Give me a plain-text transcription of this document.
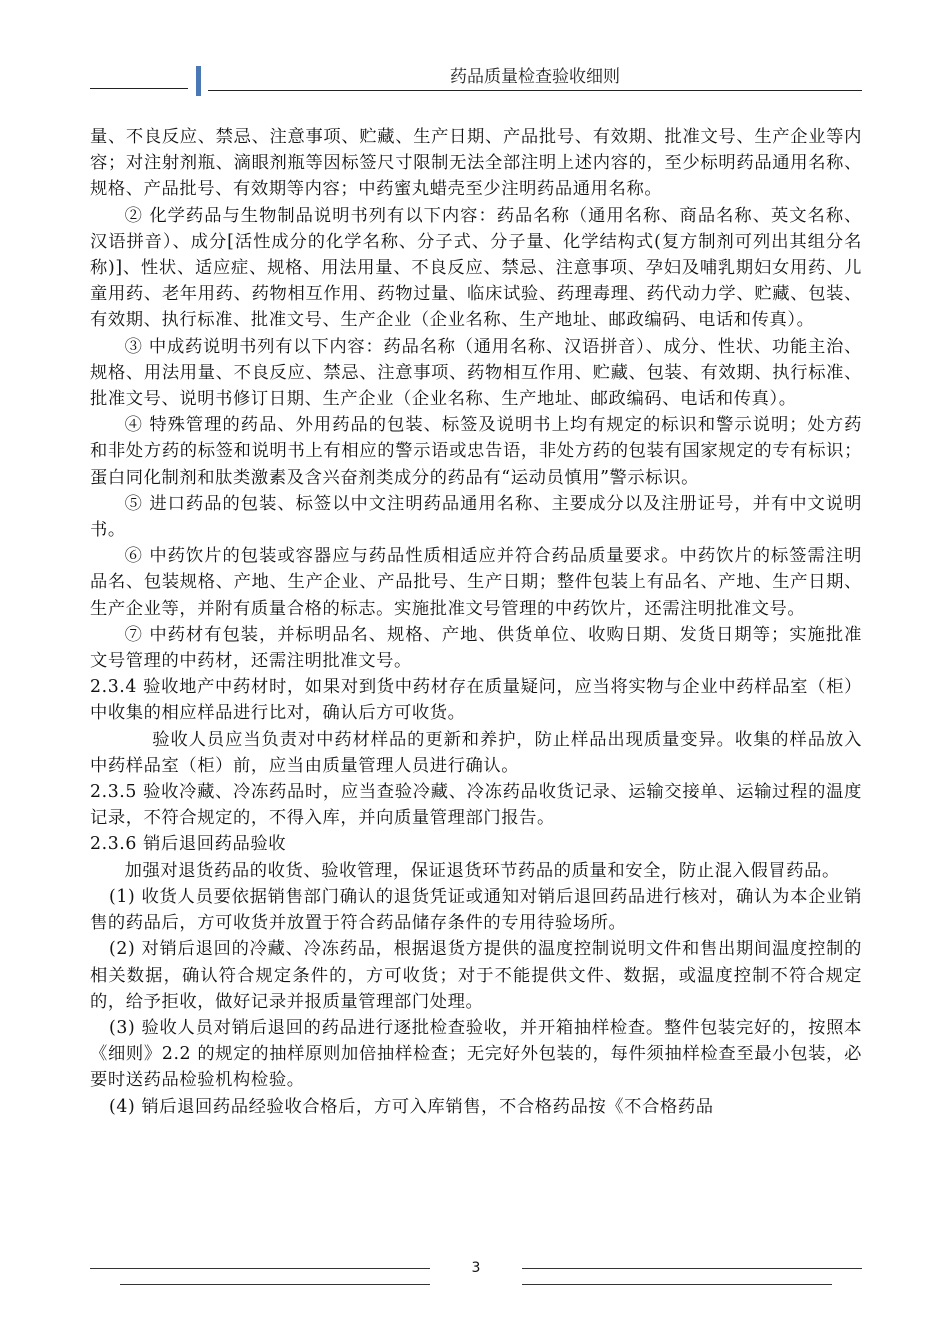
药品质量检查验收细则

量、不良反应、禁忌、注意事项、贮藏、生产日期、产品批号、有效期、批准文号、生产企业等内容；对注射剂瓶、滴眼剂瓶等因标签尺寸限制无法全部注明上述内容的，至少标明药品通用名称、规格、产品批号、有效期等内容；中药蜜丸蜡壳至少注明药品通用名称。

② 化学药品与生物制品说明书列有以下内容：药品名称（通用名称、商品名称、英文名称、汉语拼音）、成分[活性成分的化学名称、分子式、分子量、化学结构式(复方制剂可列出其组分名称)]、性状、适应症、规格、用法用量、不良反应、禁忌、注意事项、孕妇及哺乳期妇女用药、儿童用药、老年用药、药物相互作用、药物过量、临床试验、药理毒理、药代动力学、贮藏、包装、有效期、执行标准、批准文号、生产企业（企业名称、生产地址、邮政编码、电话和传真）。

③ 中成药说明书列有以下内容：药品名称（通用名称、汉语拼音）、成分、性状、功能主治、规格、用法用量、不良反应、禁忌、注意事项、药物相互作用、贮藏、包装、有效期、执行标准、批准文号、说明书修订日期、生产企业（企业名称、生产地址、邮政编码、电话和传真）。

④ 特殊管理的药品、外用药品的包装、标签及说明书上均有规定的标识和警示说明；处方药和非处方药的标签和说明书上有相应的警示语或忠告语，非处方药的包装有国家规定的专有标识；蛋白同化制剂和肽类激素及含兴奋剂类成分的药品有“运动员慎用”警示标识。

⑤ 进口药品的包装、标签以中文注明药品通用名称、主要成分以及注册证号，并有中文说明书。

⑥ 中药饮片的包装或容器应与药品性质相适应并符合药品质量要求。中药饮片的标签需注明品名、包装规格、产地、生产企业、产品批号、生产日期；整件包装上有品名、产地、生产日期、生产企业等，并附有质量合格的标志。实施批准文号管理的中药饮片，还需注明批准文号。

⑦ 中药材有包装，并标明品名、规格、产地、供货单位、收购日期、发货日期等；实施批准文号管理的中药材，还需注明批准文号。

2.3.4 验收地产中药材时，如果对到货中药材存在质量疑问，应当将实物与企业中药样品室（柜）中收集的相应样品进行比对，确认后方可收货。

验收人员应当负责对中药材样品的更新和养护，防止样品出现质量变异。收集的样品放入中药样品室（柜）前，应当由质量管理人员进行确认。

2.3.5 验收冷藏、冷冻药品时，应当查验冷藏、冷冻药品收货记录、运输交接单、运输过程的温度记录，不符合规定的，不得入库，并向质量管理部门报告。

2.3.6 销后退回药品验收

加强对退货药品的收货、验收管理，保证退货环节药品的质量和安全，防止混入假冒药品。

(1) 收货人员要依据销售部门确认的退货凭证或通知对销后退回药品进行核对，确认为本企业销售的药品后，方可收货并放置于符合药品储存条件的专用待验场所。

(2) 对销后退回的冷藏、冷冻药品，根据退货方提供的温度控制说明文件和售出期间温度控制的相关数据，确认符合规定条件的，方可收货；对于不能提供文件、数据，或温度控制不符合规定的，给予拒收，做好记录并报质量管理部门处理。

(3) 验收人员对销后退回的药品进行逐批检查验收，并开箱抽样检查。整件包装完好的，按照本《细则》2.2 的规定的抽样原则加倍抽样检查；无完好外包装的，每件须抽样检查至最小包装，必要时送药品检验机构检验。

(4) 销后退回药品经验收合格后，方可入库销售，不合格药品按《不合格药品

3
